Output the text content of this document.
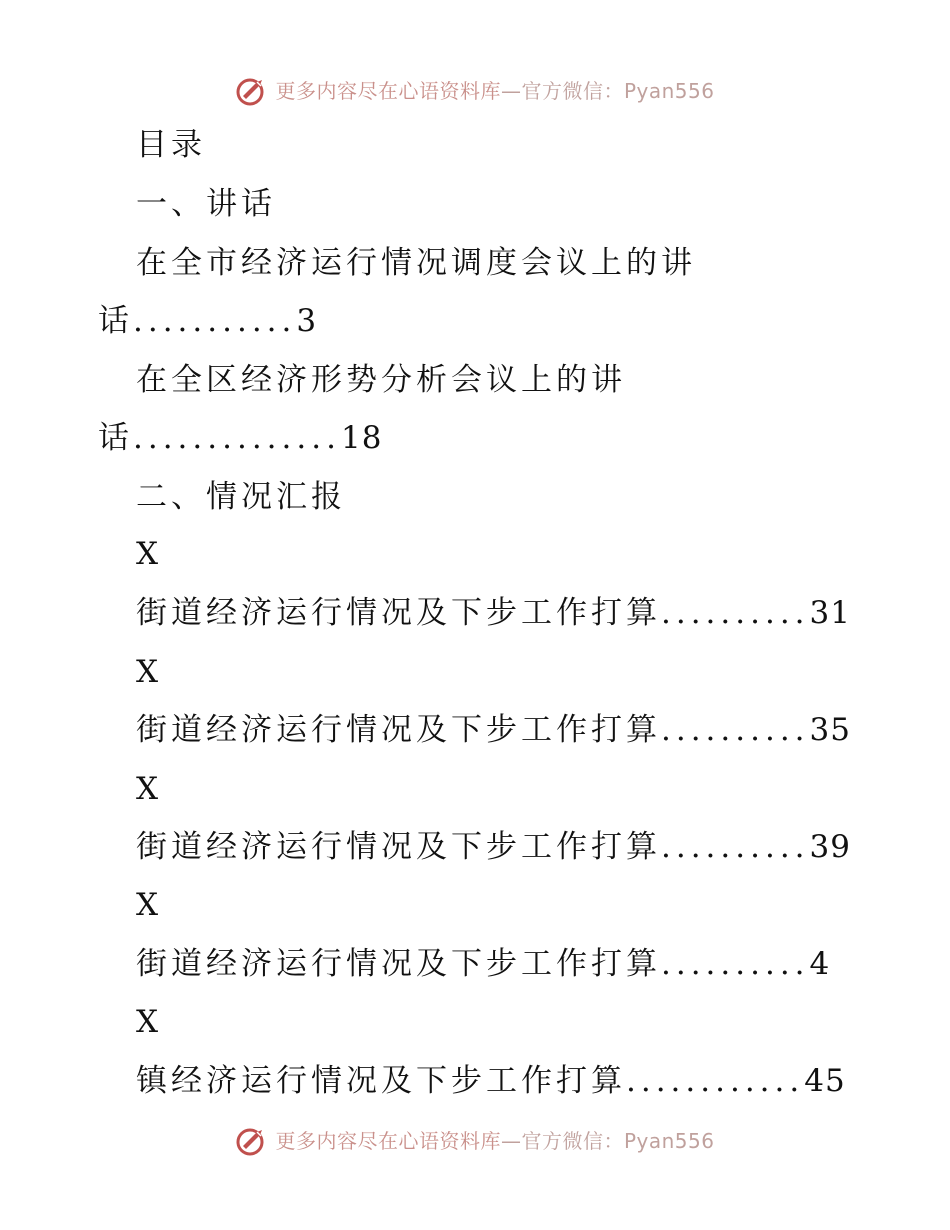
更多内容尽在心语资料库—官方微信：Pyan556
目录
一、讲话
在全市经济运行情况调度会议上的讲
话...........3
在全区经济形势分析会议上的讲
话..............18
二、情况汇报
X
街道经济运行情况及下步工作打算..........31
X
街道经济运行情况及下步工作打算..........35
X
街道经济运行情况及下步工作打算..........39
X
街道经济运行情况及下步工作打算..........4
X
镇经济运行情况及下步工作打算............45
更多内容尽在心语资料库—官方微信：Pyan556
